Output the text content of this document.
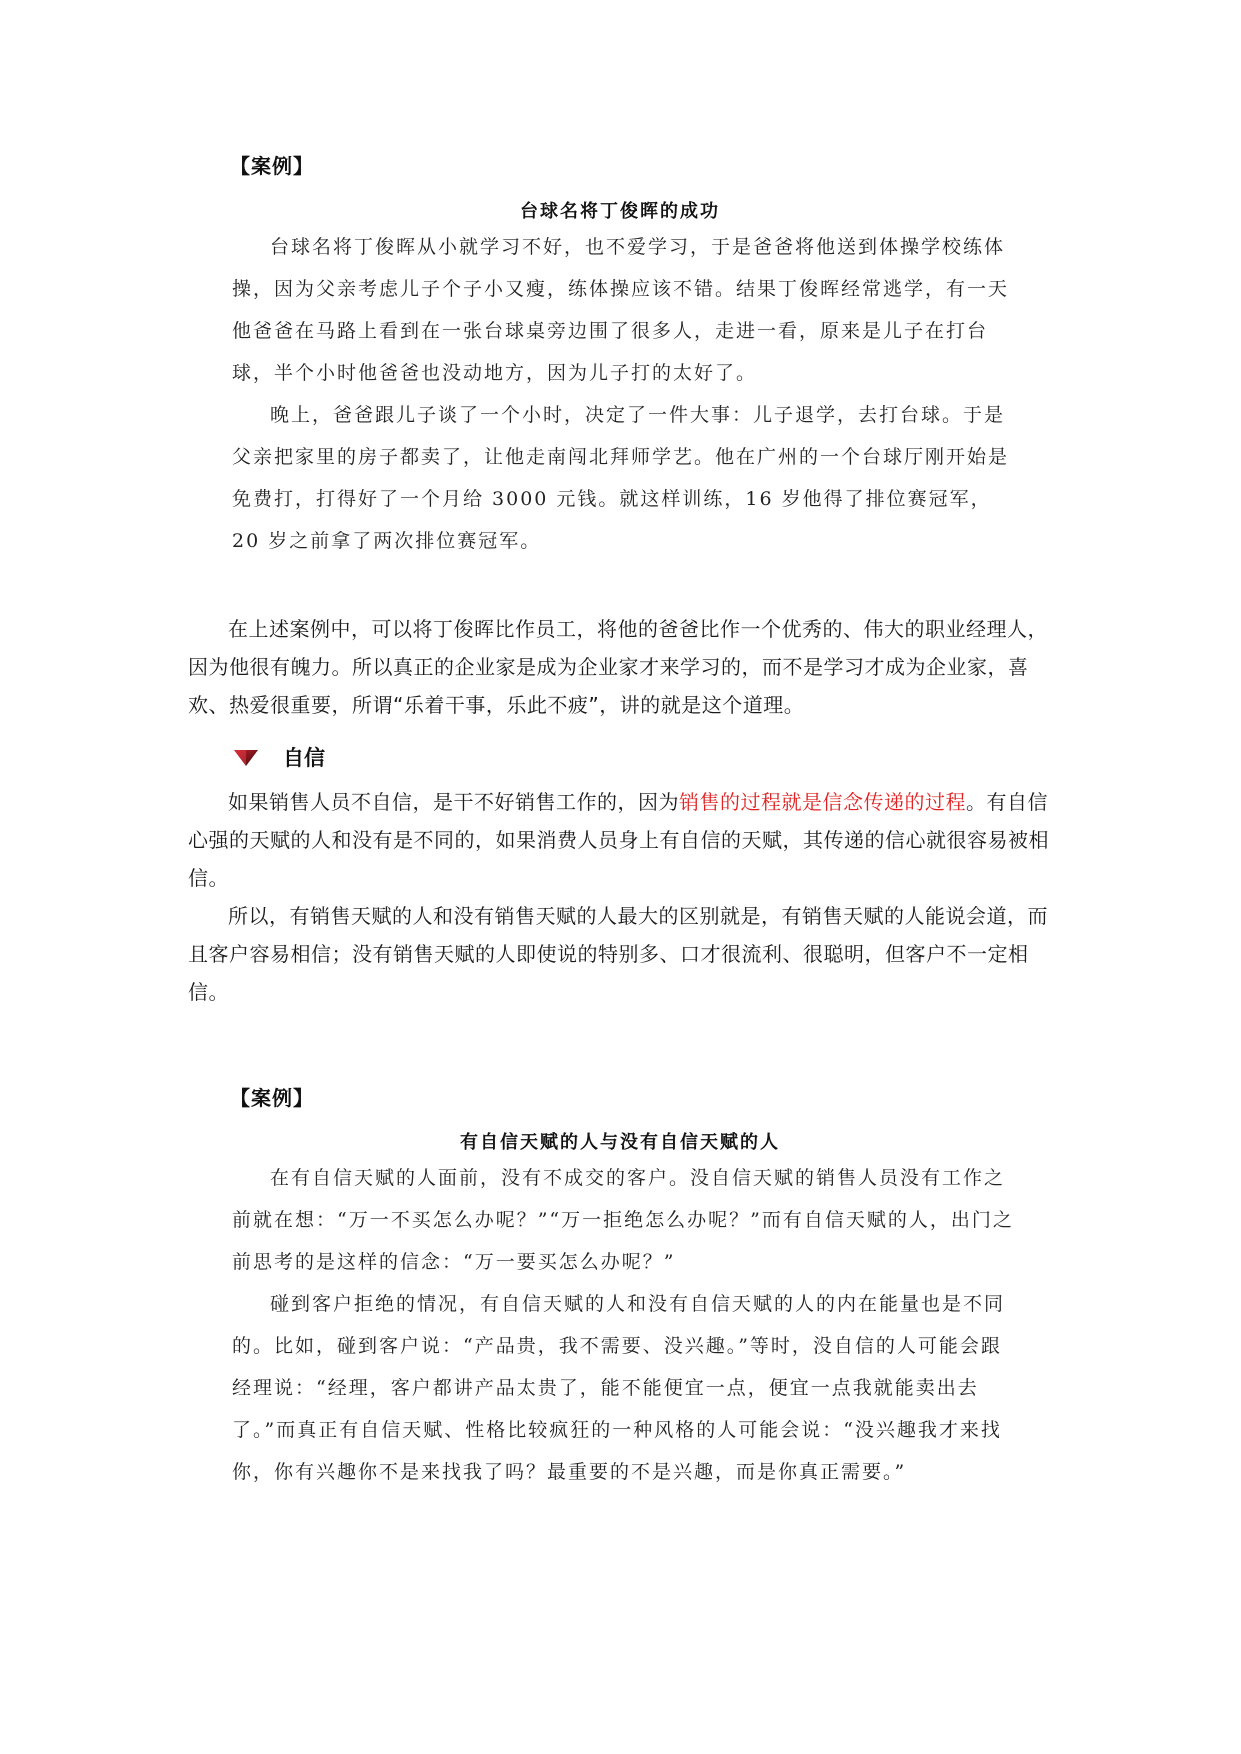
【案例】
台球名将丁俊晖的成功

台球名将丁俊晖从小就学习不好，也不爱学习，于是爸爸将他送到体操学校练体操，因为父亲考虑儿子个子小又瘦，练体操应该不错。结果丁俊晖经常逃学，有一天他爸爸在马路上看到在一张台球桌旁边围了很多人，走进一看，原来是儿子在打台球，半个小时他爸爸也没动地方，因为儿子打的太好了。

晚上，爸爸跟儿子谈了一个小时，决定了一件大事：儿子退学，去打台球。于是父亲把家里的房子都卖了，让他走南闯北拜师学艺。他在广州的一个台球厅刚开始是免费打，打得好了一个月给 3000 元钱。就这样训练，16 岁他得了排位赛冠军，20 岁之前拿了两次排位赛冠军。

在上述案例中，可以将丁俊晖比作员工，将他的爸爸比作一个优秀的、伟大的职业经理人，因为他很有魄力。所以真正的企业家是成为企业家才来学习的，而不是学习才成为企业家，喜欢、热爱很重要，所谓“乐着干事，乐此不疲”，讲的就是这个道理。

自信

如果销售人员不自信，是干不好销售工作的，因为销售的过程就是信念传递的过程。有自信心强的天赋的人和没有是不同的，如果消费人员身上有自信的天赋，其传递的信心就很容易被相信。

所以，有销售天赋的人和没有销售天赋的人最大的区别就是，有销售天赋的人能说会道，而且客户容易相信；没有销售天赋的人即使说的特别多、口才很流利、很聪明，但客户不一定相信。

【案例】
有自信天赋的人与没有自信天赋的人

在有自信天赋的人面前，没有不成交的客户。没自信天赋的销售人员没有工作之前就在想：“万一不买怎么办呢？”“万一拒绝怎么办呢？”而有自信天赋的人，出门之前思考的是这样的信念：“万一要买怎么办呢？”

碰到客户拒绝的情况，有自信天赋的人和没有自信天赋的人的内在能量也是不同的。比如，碰到客户说：“产品贵，我不需要、没兴趣。”等时，没自信的人可能会跟经理说：“经理，客户都讲产品太贵了，能不能便宜一点，便宜一点我就能卖出去了。”而真正有自信天赋、性格比较疯狂的一种风格的人可能会说：“没兴趣我才来找你，你有兴趣你不是来找我了吗？最重要的不是兴趣，而是你真正需要。”
